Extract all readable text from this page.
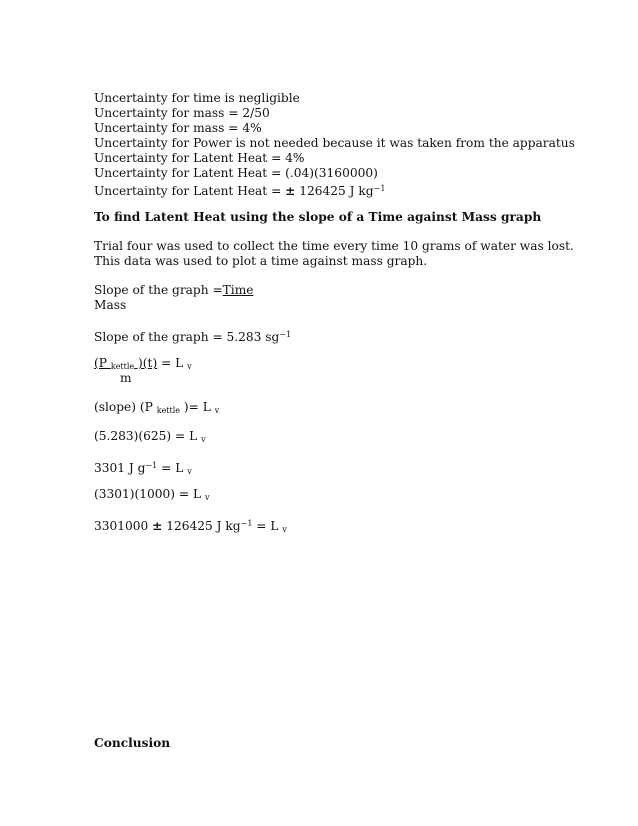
Uncertainty for time is negligible

Uncertainty for mass = 2/50

Uncertainty for mass = 4%

Uncertainty for Power is not needed because it was taken from the apparatus

Uncertainty for Latent Heat = 4%

Uncertainty for Latent Heat = (.04)(3160000)

Uncertainty for Latent Heat = ± 126425 J $kg^{-1}$

To find Latent Heat using the slope of a Time against Mass graph

Trial four was used to collect the time every time 10 grams of water was lost.

This data was used to plot a time against mass graph.

Slope of the graph =Time

Mass

Slope of the graph = 5.283 $sg^{-1}$

(P $_{kettle}$ )(t) = L $_v$

m

(slope) (P $_{kettle}$ )= L $_v$

(5.283)(625) = L $_v$

3301 J $g^{-1} = L$ $_v$

(3301)(1000) = L $_v$

3301000 ± 126425 J $kg^{-1} = L$ $_v$

Conclusion
